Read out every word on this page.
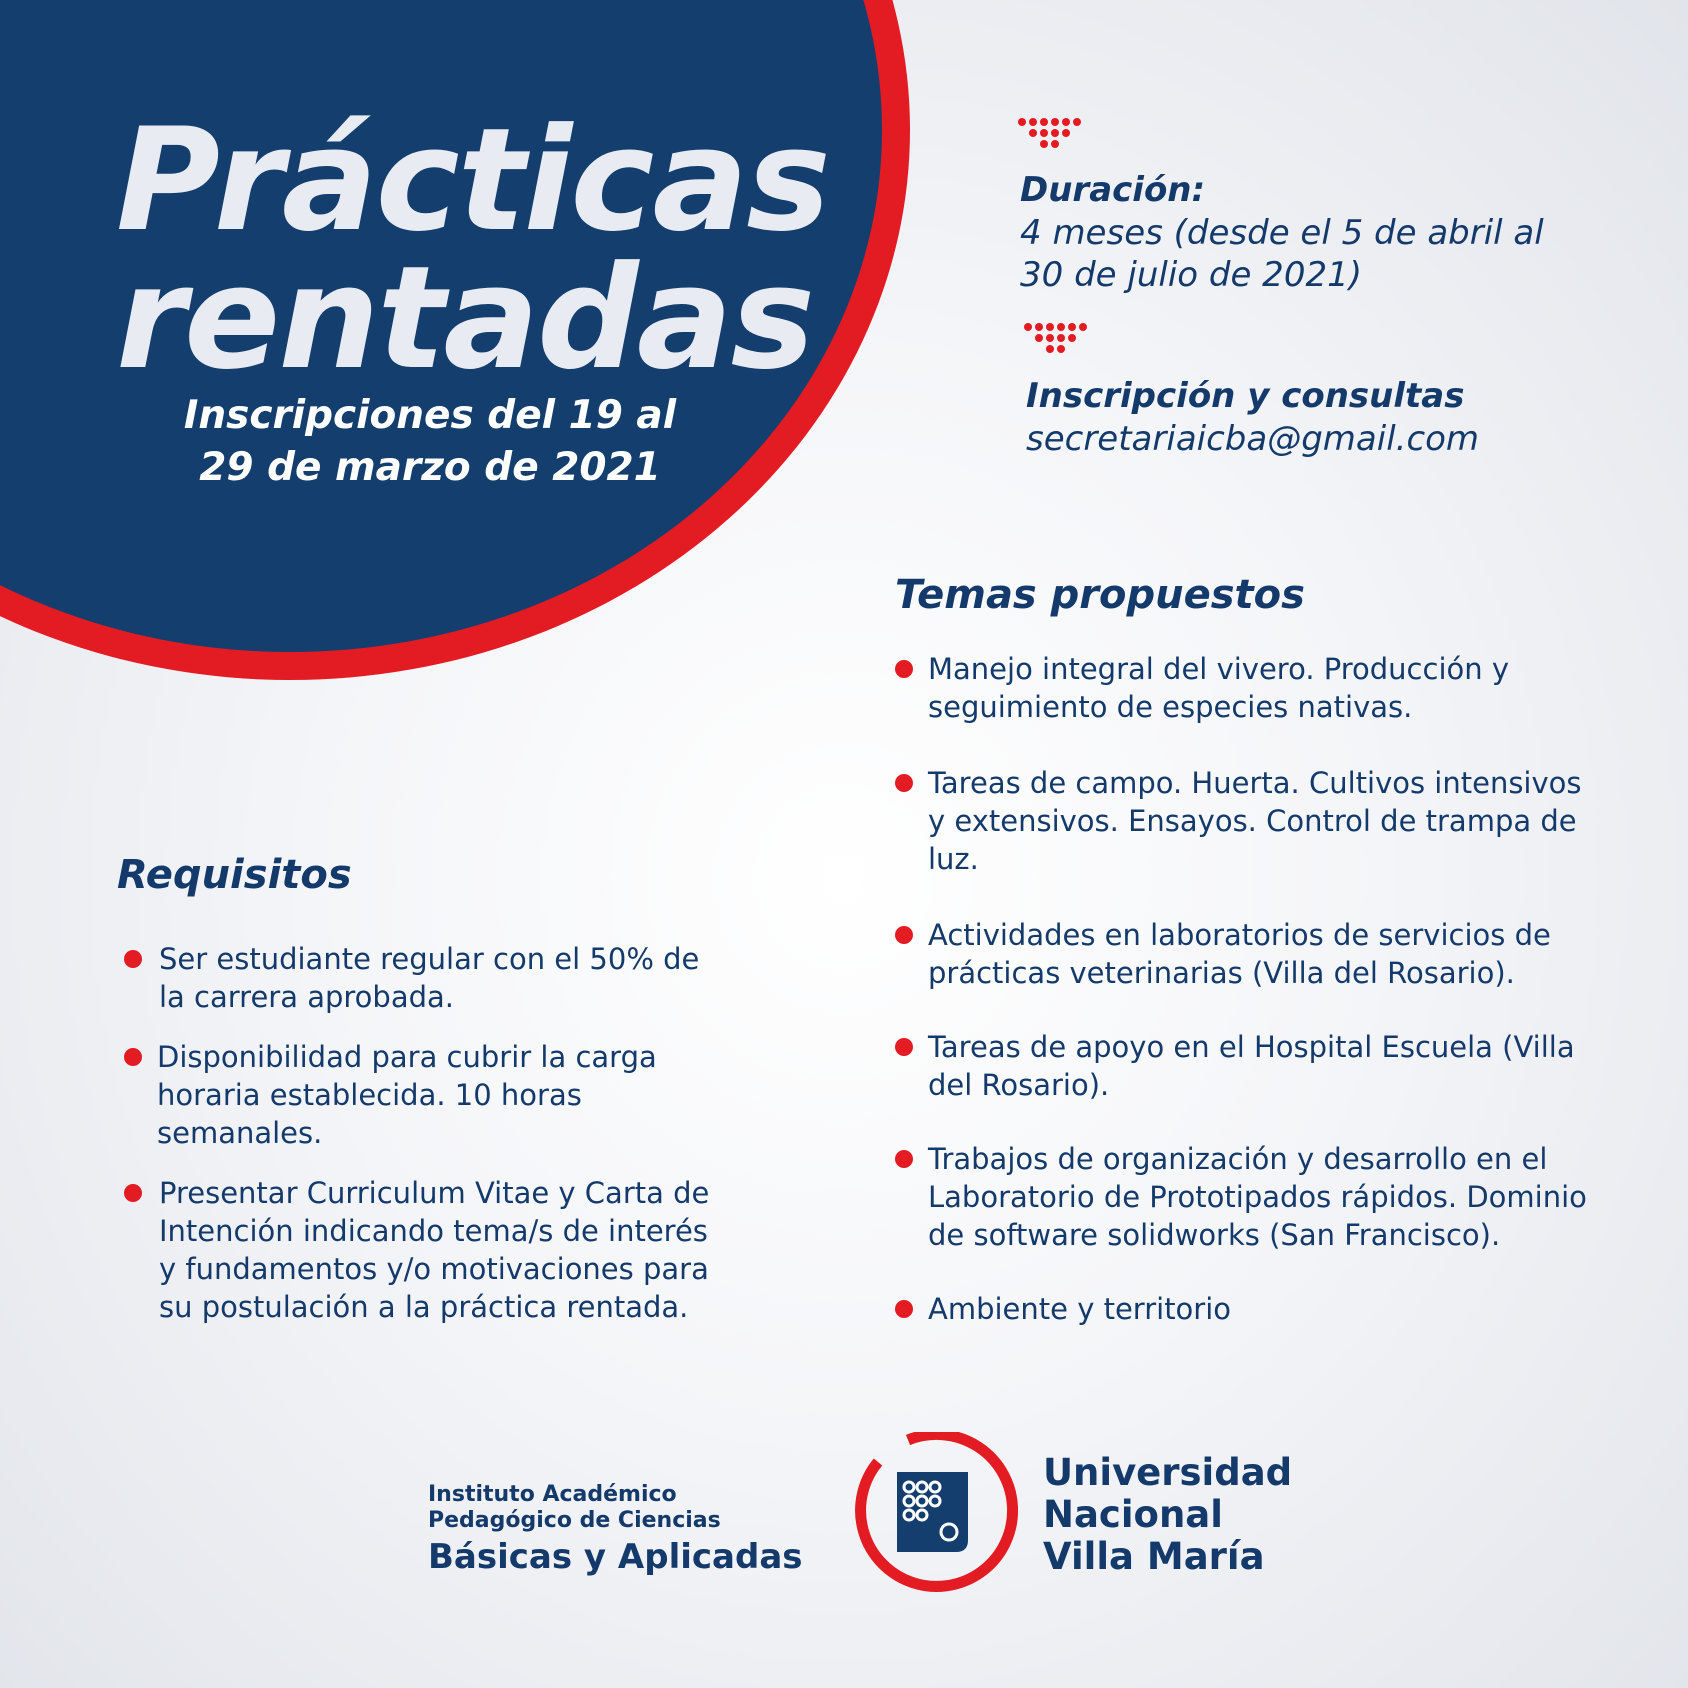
Prácticas
rentadas
Inscripciones del 19 al
29 de marzo de 2021
Duración:
4 meses (desde el 5 de abril al
30 de julio de 2021)
Inscripción y consultas
secretariaicba@gmail.com
Temas propuestos
Manejo integral del vivero. Producción y seguimiento de especies nativas.
Tareas de campo. Huerta. Cultivos intensivos y extensivos. Ensayos. Control de trampa de luz.
Actividades en laboratorios de servicios de prácticas veterinarias (Villa del Rosario).
Tareas de apoyo en el Hospital Escuela (Villa del Rosario).
Trabajos de organización y desarrollo en el Laboratorio de Prototipados rápidos. Dominio de software solidworks (San Francisco).
Ambiente y territorio
Requisitos
Ser estudiante regular con el 50% de la carrera aprobada.
Disponibilidad para cubrir la carga horaria establecida. 10 horas semanales.
Presentar Curriculum Vitae y Carta de Intención indicando tema/s de interés y fundamentos y/o motivaciones para su postulación a la práctica rentada.
Instituto Académico
Pedagógico de Ciencias
Básicas y Aplicadas
Universidad
Nacional
Villa María
